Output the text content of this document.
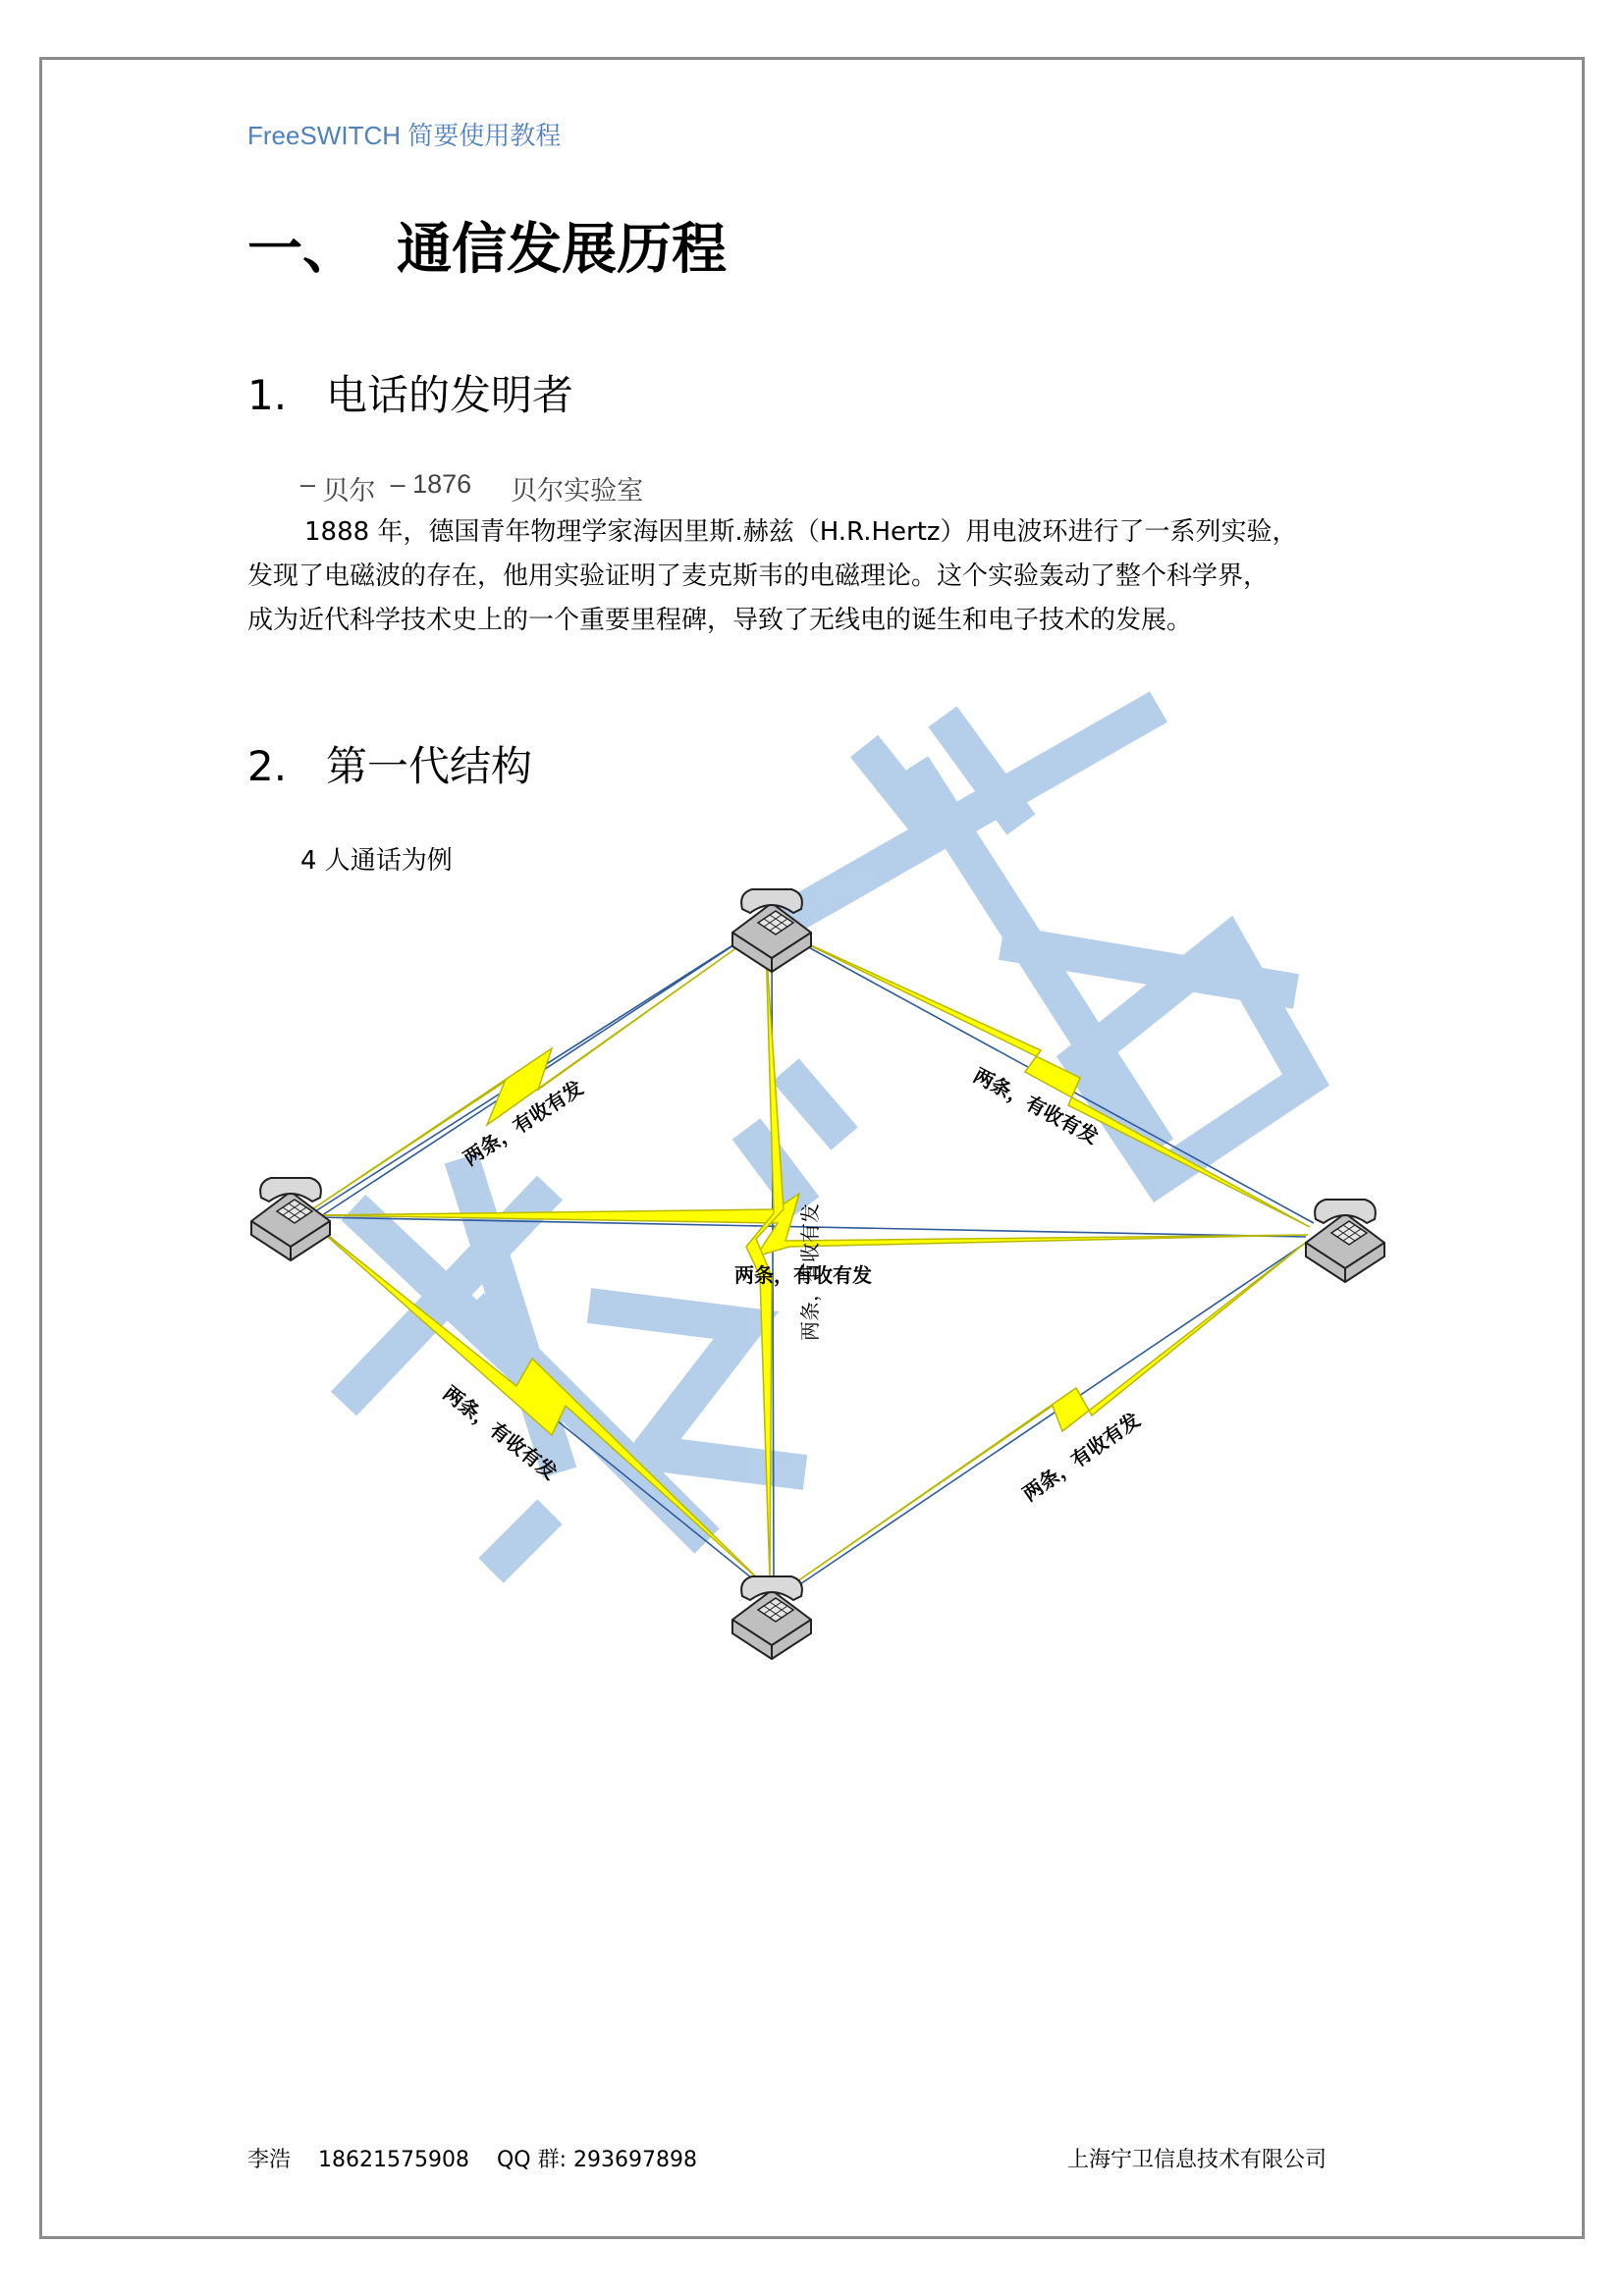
FreeSWITCH 简要使用教程
一、 通信发展历程
1. 电话的发明者
–
贝尔
–
1876 贝尔实验室

1888 年，德国青年物理学家海因里斯.赫兹（H.R.Hertz）用电波环进行了一系列实验，

发现了电磁波的存在，他用实验证明了麦克斯韦的电磁理论。这个实验轰动了整个科学界，

成为近代科学技术史上的一个重要里程碑，导致了无线电的诞生和电子技术的发展。

2. 第一代结构
4 人通话为例
两条，有收有发	两条，有收有发
两条，有收有发	两条，有收有发
两条，有收有发
两条，有收有发
李浩 18621575908 QQ 群: 293697898	上海宁卫信息技术有限公司
